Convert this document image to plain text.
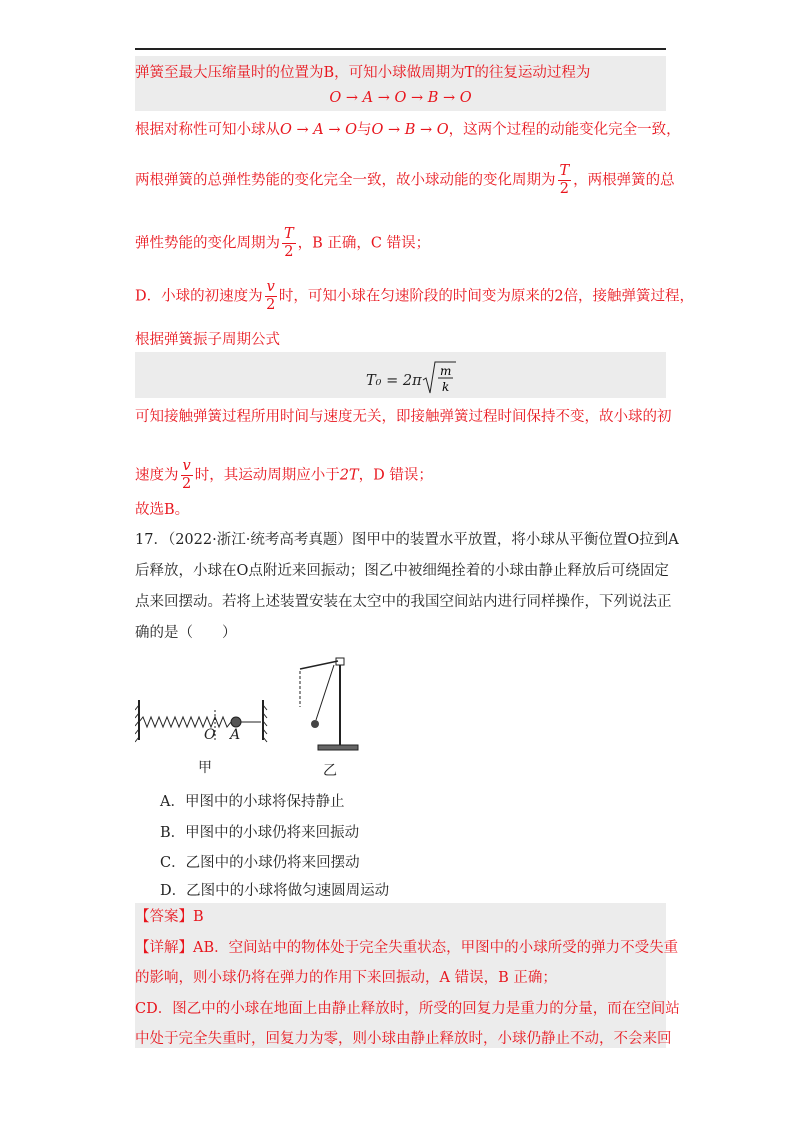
弹簧至最大压缩量时的位置为B，可知小球做周期为T的往复运动过程为
O → A → O → B → O
根据对称性可知小球从O → A → O与O → B → O，这两个过程的动能变化完全一致，
两根弹簧的总弹性势能的变化完全一致，故小球动能的变化周期为 $\frac{T}{2}$ ，两根弹簧的总
弹性势能的变化周期为 $\frac{T}{2}$ ，B 正确，C 错误；
D．小球的初速度为 $\frac{v}{2}$ 时，可知小球在匀速阶段的时间变为原来的2倍，接触弹簧过程，
根据弹簧振子周期公式
T₀ = 2π
m
k
可知接触弹簧过程所用时间与速度无关，即接触弹簧过程时间保持不变，故小球的初
速度为 $\frac{v}{2}$ 时，其运动周期应小于2T，D 错误；
故选B。
17．（2022·浙江·统考高考真题）图甲中的装置水平放置，将小球从平衡位置O拉到A
后释放，小球在O点附近来回振动；图乙中被细绳拴着的小球由静止释放后可绕固定
点来回摆动。若将上述装置安装在太空中的我国空间站内进行同样操作，下列说法正
确的是（　　）
O A
甲	乙
A．甲图中的小球将保持静止
B．甲图中的小球仍将来回振动
C．乙图中的小球仍将来回摆动
D．乙图中的小球将做匀速圆周运动
【答案】B
【详解】AB．空间站中的物体处于完全失重状态，甲图中的小球所受的弹力不受失重
的影响，则小球仍将在弹力的作用下来回振动，A 错误，B 正确；
CD．图乙中的小球在地面上由静止释放时，所受的回复力是重力的分量，而在空间站
中处于完全失重时，回复力为零，则小球由静止释放时，小球仍静止不动，不会来回
